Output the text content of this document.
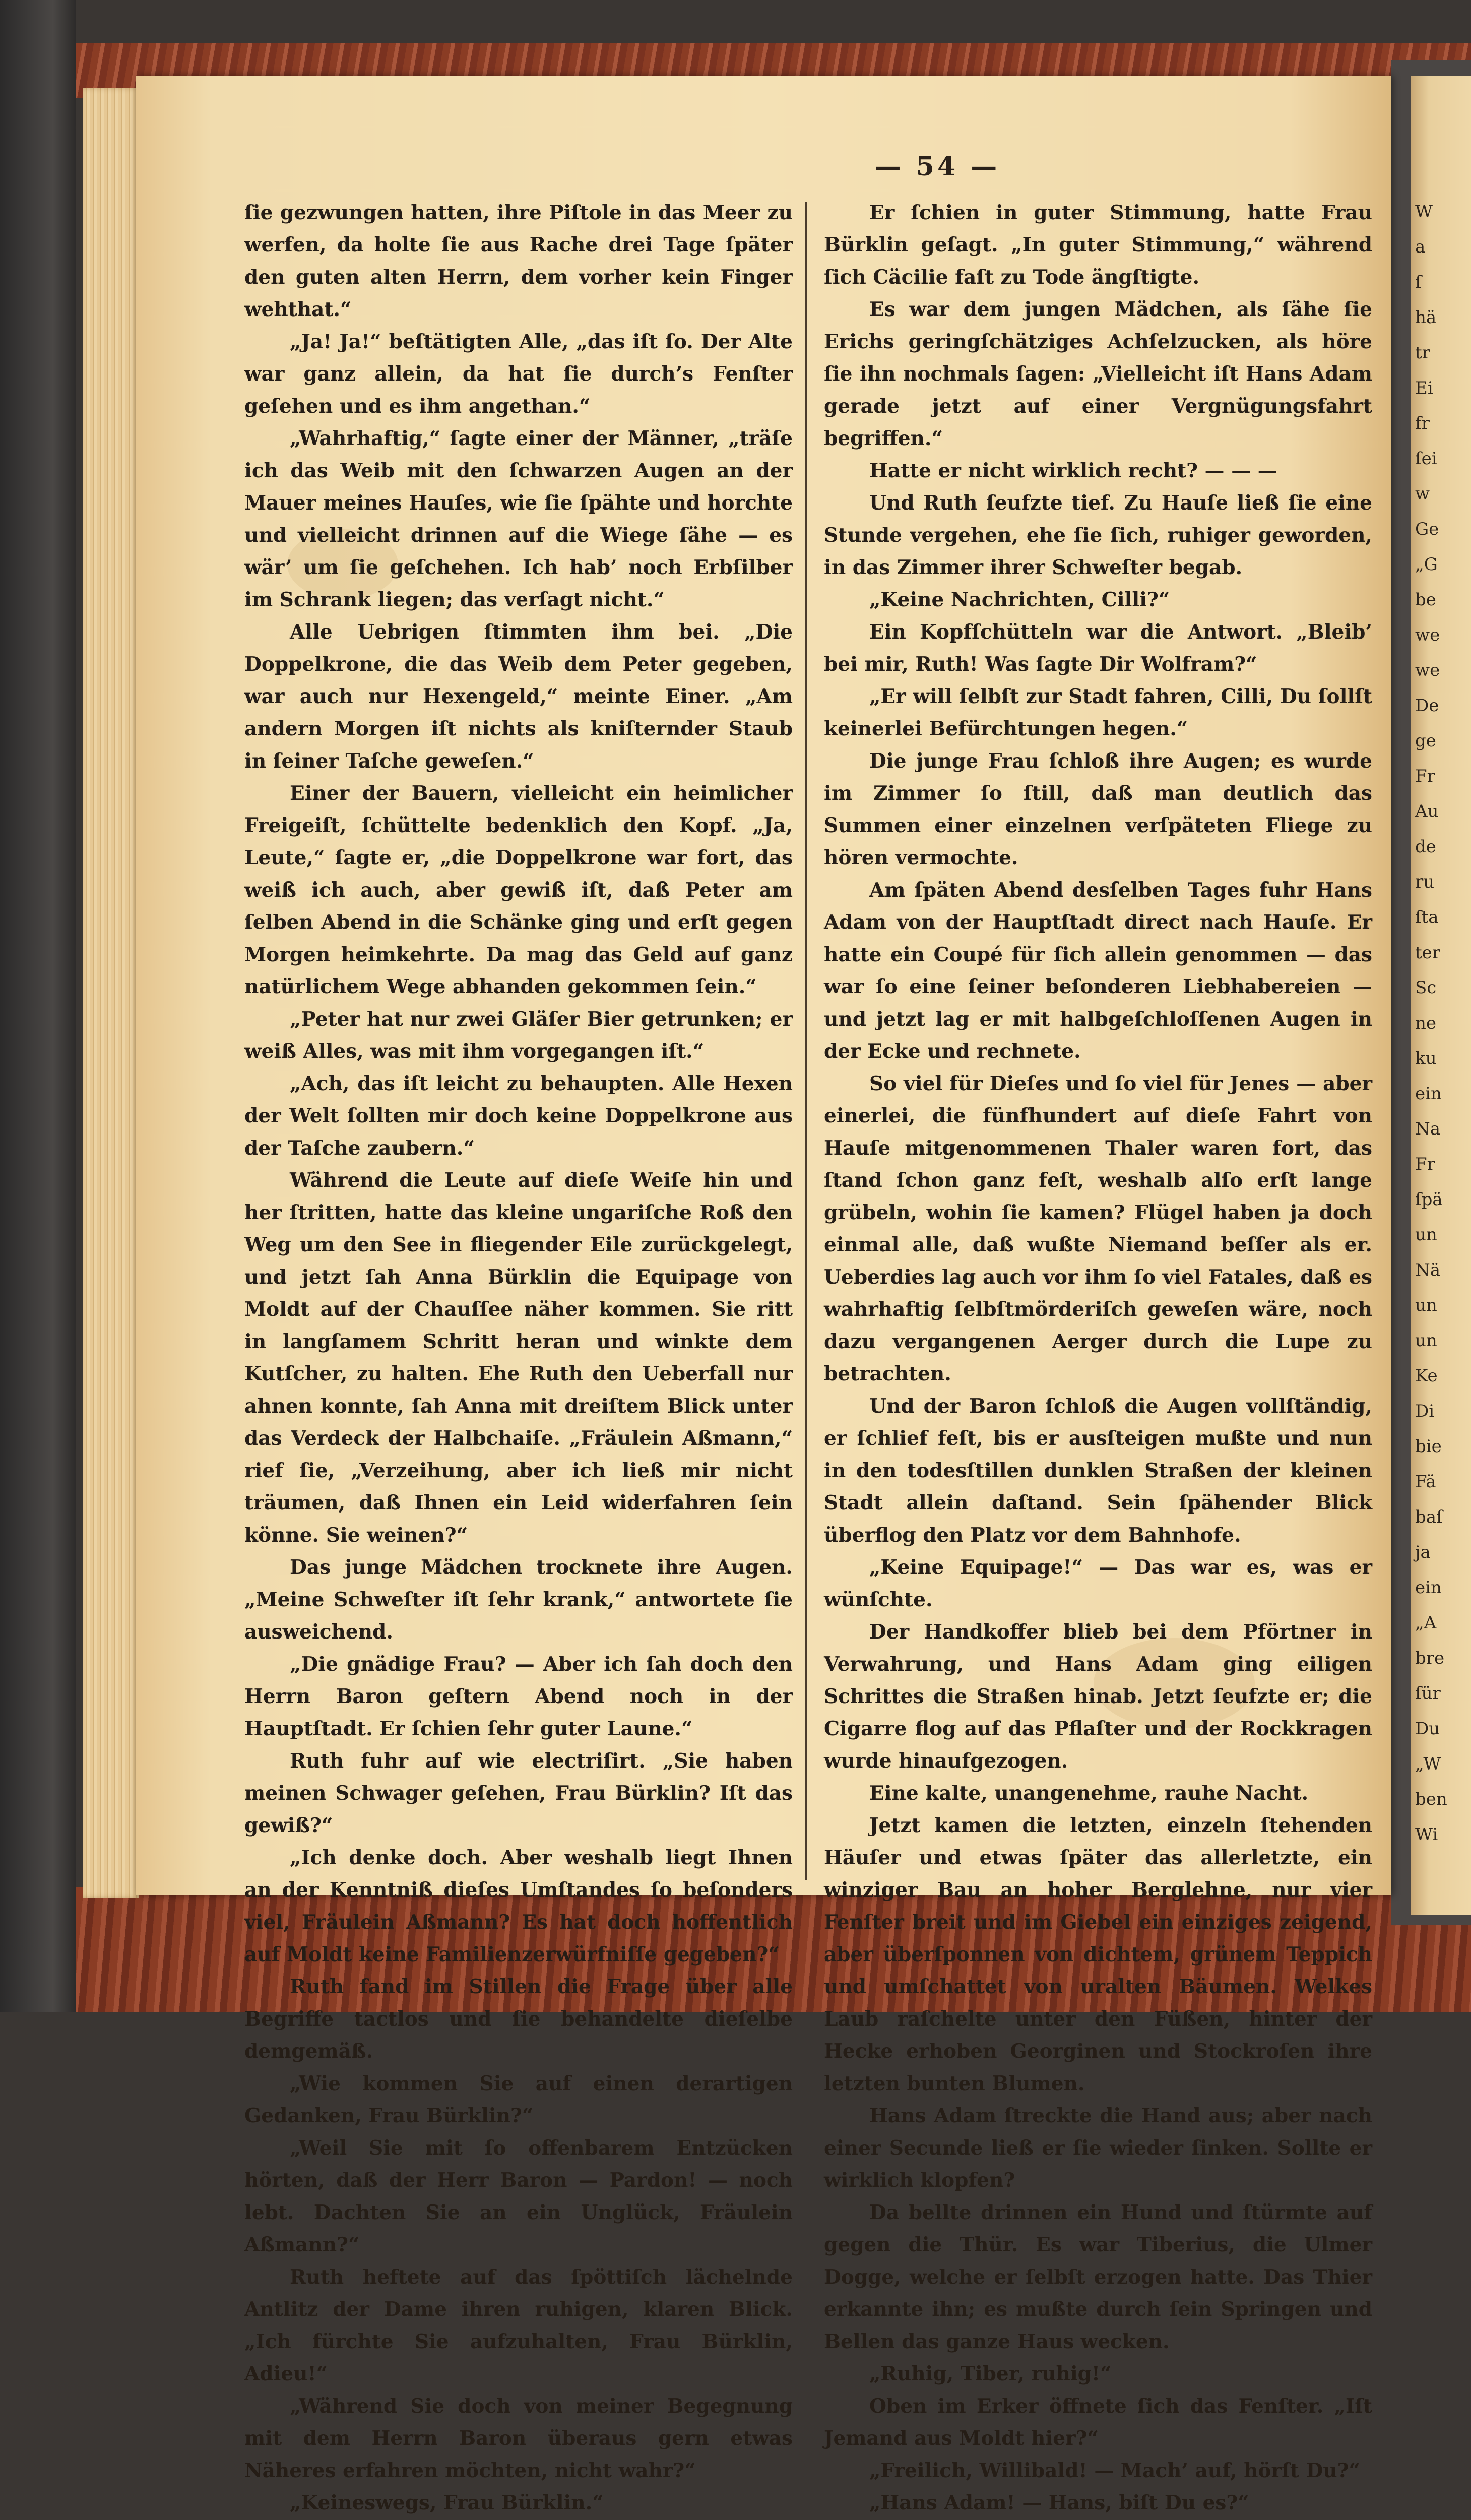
W
a
ſ
hä
tr
Ei
fr
ſei
w
Ge
„G
be
we
we
De
ge
Fr
Au
de
ru
ſta
ter
Sc
ne
ku
ein
Na
Fr
ſpä
un
Nä
un
un
Ke
Di
bie
Fä
baſ
ja
ein
„A
bre
ſür
Du
„W
ben
Wi
— 54 —

ſie gezwungen hatten, ihre Piſtole in das Meer zu werfen, da holte ſie aus Rache drei Tage ſpäter den guten alten Herrn, dem vorher kein Finger wehthat.“

„Ja! Ja!“ beſtätigten Alle, „das iſt ſo. Der Alte war ganz allein, da hat ſie durch’s Fenſter geſehen und es ihm angethan.“

„Wahrhaftig,“ ſagte einer der Männer, „träſe ich das Weib mit den ſchwarzen Augen an der Mauer meines Hauſes, wie ſie ſpähte und horchte und vielleicht drinnen auf die Wiege ſähe — es wär’ um ſie geſchehen. Ich hab’ noch Erbſilber im Schrank liegen; das verſagt nicht.“

Alle Uebrigen ſtimmten ihm bei. „Die Doppelkrone, die das Weib dem Peter gegeben, war auch nur Hexengeld,“ meinte Einer. „Am andern Morgen iſt nichts als kniſternder Staub in ſeiner Taſche geweſen.“

Einer der Bauern, vielleicht ein heimlicher Freigeiſt, ſchüttelte bedenklich den Kopf. „Ja, Leute,“ ſagte er, „die Doppelkrone war fort, das weiß ich auch, aber gewiß iſt, daß Peter am ſelben Abend in die Schänke ging und erſt gegen Morgen heimkehrte. Da mag das Geld auf ganz natürlichem Wege abhanden gekommen ſein.“

„Peter hat nur zwei Gläſer Bier getrunken; er weiß Alles, was mit ihm vorgegangen iſt.“

„Ach, das iſt leicht zu behaupten. Alle Hexen der Welt ſollten mir doch keine Doppelkrone aus der Taſche zaubern.“

Während die Leute auf dieſe Weiſe hin und her ſtritten, hatte das kleine ungariſche Roß den Weg um den See in fliegender Eile zurückgelegt, und jetzt ſah Anna Bürklin die Equipage von Moldt auf der Chauſſee näher kommen. Sie ritt in langſamem Schritt heran und winkte dem Kutſcher, zu halten. Ehe Ruth den Ueberfall nur ahnen konnte, ſah Anna mit dreiſtem Blick unter das Verdeck der Halbchaiſe. „Fräulein Aßmann,“ rief ſie, „Verzeihung, aber ich ließ mir nicht träumen, daß Ihnen ein Leid widerfahren ſein könne. Sie weinen?“

Das junge Mädchen trocknete ihre Augen. „Meine Schweſter iſt ſehr krank,“ antwortete ſie ausweichend.

„Die gnädige Frau? — Aber ich ſah doch den Herrn Baron geſtern Abend noch in der Hauptſtadt. Er ſchien ſehr guter Laune.“

Ruth fuhr auf wie electriſirt. „Sie haben meinen Schwager geſehen, Frau Bürklin? Iſt das gewiß?“

„Ich denke doch. Aber weshalb liegt Ihnen an der Kenntniß dieſes Umſtandes ſo beſonders viel, Fräulein Aßmann? Es hat doch hoffentlich auf Moldt keine Familienzerwürfniſſe gegeben?“

Ruth fand im Stillen die Frage über alle Begriffe tactlos und ſie behandelte dieſelbe demgemäß.

„Wie kommen Sie auf einen derartigen Gedanken, Frau Bürklin?“

„Weil Sie mit ſo offenbarem Entzücken hörten, daß der Herr Baron — Pardon! — noch lebt. Dachten Sie an ein Unglück, Fräulein Aßmann?“

Ruth heftete auf das ſpöttiſch lächelnde Antlitz der Dame ihren ruhigen, klaren Blick. „Ich fürchte Sie aufzuhalten, Frau Bürklin, Adieu!“

„Während Sie doch von meiner Begegnung mit dem Herrn Baron überaus gern etwas Näheres erfahren möchten, nicht wahr?“

„Keineswegs, Frau Bürklin.“

Er ſchien in guter Stimmung, hatte Frau Bürklin geſagt. „In guter Stimmung,“ während ſich Cäcilie faſt zu Tode ängſtigte.

Es war dem jungen Mädchen, als ſähe ſie Erichs geringſchätziges Achſelzucken, als höre ſie ihn nochmals ſagen: „Vielleicht iſt Hans Adam gerade jetzt auf einer Vergnügungsfahrt begriffen.“

Hatte er nicht wirklich recht? — — —

Und Ruth ſeufzte tief. Zu Hauſe ließ ſie eine Stunde vergehen, ehe ſie ſich, ruhiger geworden, in das Zimmer ihrer Schweſter begab.

„Keine Nachrichten, Cilli?“

Ein Kopfſchütteln war die Antwort. „Bleib’ bei mir, Ruth! Was ſagte Dir Wolfram?“

„Er will ſelbſt zur Stadt fahren, Cilli, Du ſollſt keinerlei Befürchtungen hegen.“

Die junge Frau ſchloß ihre Augen; es wurde im Zimmer ſo ſtill, daß man deutlich das Summen einer einzelnen verſpäteten Fliege zu hören vermochte.

Am ſpäten Abend desſelben Tages fuhr Hans Adam von der Hauptſtadt direct nach Hauſe. Er hatte ein Coupé für ſich allein genommen — das war ſo eine ſeiner beſonderen Liebhabereien — und jetzt lag er mit halbgeſchloſſenen Augen in der Ecke und rechnete.

So viel für Dieſes und ſo viel für Jenes — aber einerlei, die fünfhundert auf dieſe Fahrt von Hauſe mitgenommenen Thaler waren fort, das ſtand ſchon ganz feſt, weshalb alſo erſt lange grübeln, wohin ſie kamen? Flügel haben ja doch einmal alle, daß wußte Niemand beſſer als er. Ueberdies lag auch vor ihm ſo viel Fatales, daß es wahrhaftig ſelbſtmörderiſch geweſen wäre, noch dazu vergangenen Aerger durch die Lupe zu betrachten.

Und der Baron ſchloß die Augen vollſtändig, er ſchlief feſt, bis er ausſteigen mußte und nun in den todesſtillen dunklen Straßen der kleinen Stadt allein daſtand. Sein ſpähender Blick überflog den Platz vor dem Bahnhofe.

„Keine Equipage!“ — Das war es, was er wünſchte.

Der Handkoffer blieb bei dem Pförtner in Verwahrung, und Hans Adam ging eiligen Schrittes die Straßen hinab. Jetzt ſeufzte er; die Cigarre flog auf das Pflaſter und der Rockkragen wurde hinaufgezogen.

Eine kalte, unangenehme, rauhe Nacht.

Jetzt kamen die letzten, einzeln ſtehenden Häuſer und etwas ſpäter das allerletzte, ein winziger Bau an hoher Berglehne, nur vier Fenſter breit und im Giebel ein einziges zeigend, aber überſponnen von dichtem, grünem Teppich und umſchattet von uralten Bäumen. Welkes Laub raſchelte unter den Füßen, hinter der Hecke erhoben Georginen und Stockroſen ihre letzten bunten Blumen.

Hans Adam ſtreckte die Hand aus; aber nach einer Secunde ließ er ſie wieder ſinken. Sollte er wirklich klopfen?

Da bellte drinnen ein Hund und ſtürmte auf gegen die Thür. Es war Tiberius, die Ulmer Dogge, welche er ſelbſt erzogen hatte. Das Thier erkannte ihn; es mußte durch ſein Springen und Bellen das ganze Haus wecken.

„Ruhig, Tiber, ruhig!“

Oben im Erker öffnete ſich das Fenſter. „Iſt Jemand aus Moldt hier?“

„Freilich, Willibald! — Mach’ auf, hörſt Du?“

„Hans Adam! — Hans, biſt Du es?“
